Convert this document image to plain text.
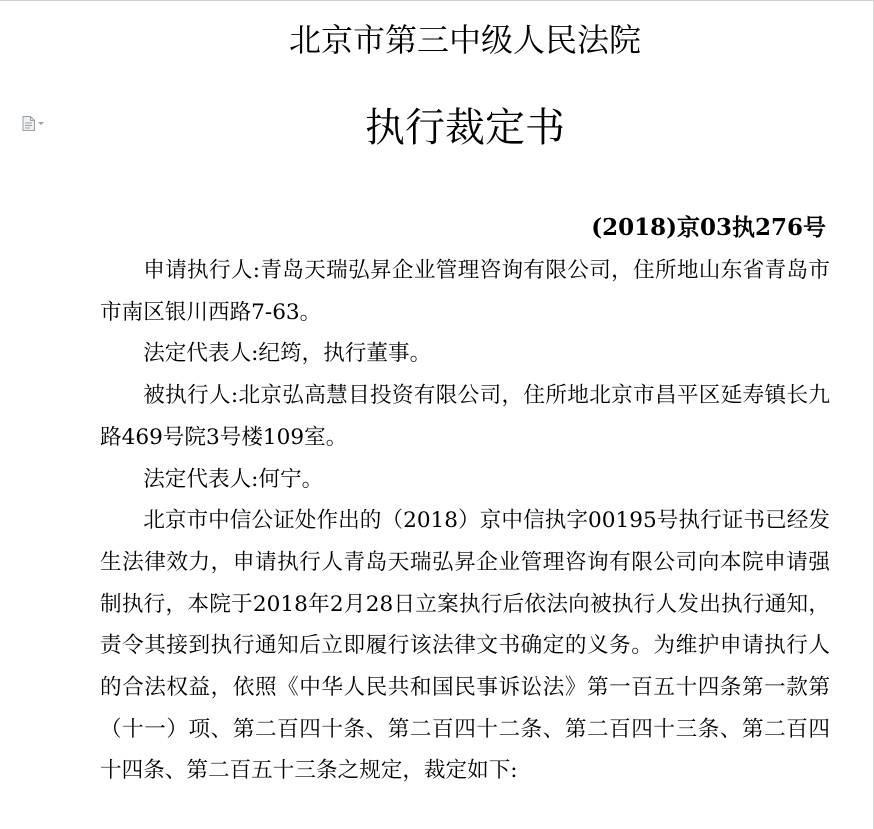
北京市第三中级人民法院
执行裁定书
(2018)京03执276号

申请执行人:青岛天瑞弘昇企业管理咨询有限公司，住所地山东省青岛市市南区银川西路7-63。

法定代表人:纪筠，执行董事。

被执行人:北京弘高慧目投资有限公司，住所地北京市昌平区延寿镇长九路469号院3号楼109室。

法定代表人:何宁。

北京市中信公证处作出的（2018）京中信执字00195号执行证书已经发生法律效力，申请执行人青岛天瑞弘昇企业管理咨询有限公司向本院申请强制执行，本院于2018年2月28日立案执行后依法向被执行人发出执行通知，责令其接到执行通知后立即履行该法律文书确定的义务。为维护申请执行人的合法权益，依照《中华人民共和国民事诉讼法》第一百五十四条第一款第（十一）项、第二百四十条、第二百四十二条、第二百四十三条、第二百四十四条、第二百五十三条之规定，裁定如下:
